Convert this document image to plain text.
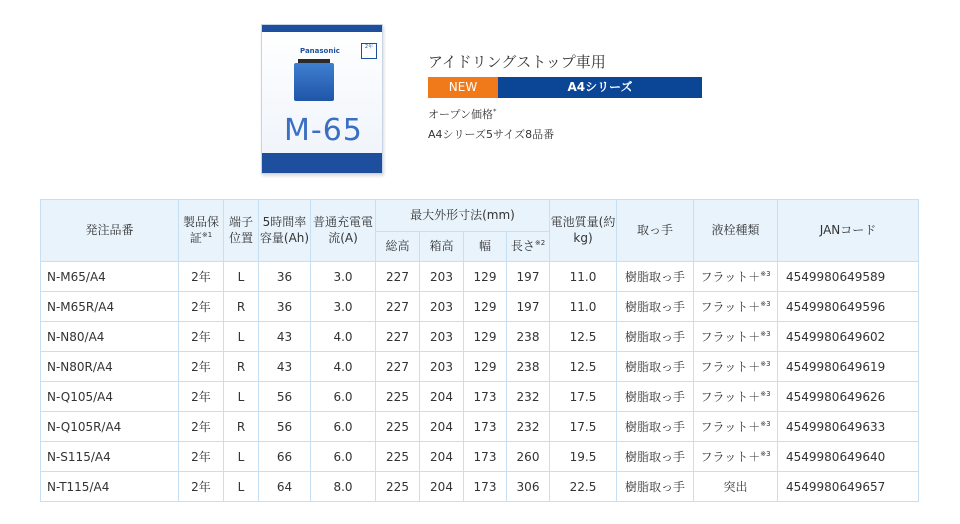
Panasonic	2年
M-65
アイドリングストップ車用
NEW	A4シリーズ
オープン価格*
A4シリーズ5サイズ8品番
発注品番	製品保証$^{※1}$	端子位置	5時間率容量(Ah)	普通充電電流(A)	最大外形寸法(mm)				電池質量(約kg)	取っ手	液栓種類	JANコード
					総高	箱高	幅	長さ$^{※2}$
N-M65/A4	2年	L	36	3.0	227	203	129	197	11.0	樹脂取っ手	フラット＋$^{※3}$	4549980649589
N-M65R/A4	2年	R	36	3.0	227	203	129	197	11.0	樹脂取っ手	フラット＋$^{※3}$	4549980649596
N-N80/A4	2年	L	43	4.0	227	203	129	238	12.5	樹脂取っ手	フラット＋$^{※3}$	4549980649602
N-N80R/A4	2年	R	43	4.0	227	203	129	238	12.5	樹脂取っ手	フラット＋$^{※3}$	4549980649619
N-Q105/A4	2年	L	56	6.0	225	204	173	232	17.5	樹脂取っ手	フラット＋$^{※3}$	4549980649626
N-Q105R/A4	2年	R	56	6.0	225	204	173	232	17.5	樹脂取っ手	フラット＋$^{※3}$	4549980649633
N-S115/A4	2年	L	66	6.0	225	204	173	260	19.5	樹脂取っ手	フラット＋$^{※3}$	4549980649640
N-T115/A4	2年	L	64	8.0	225	204	173	306	22.5	樹脂取っ手	突出	4549980649657
